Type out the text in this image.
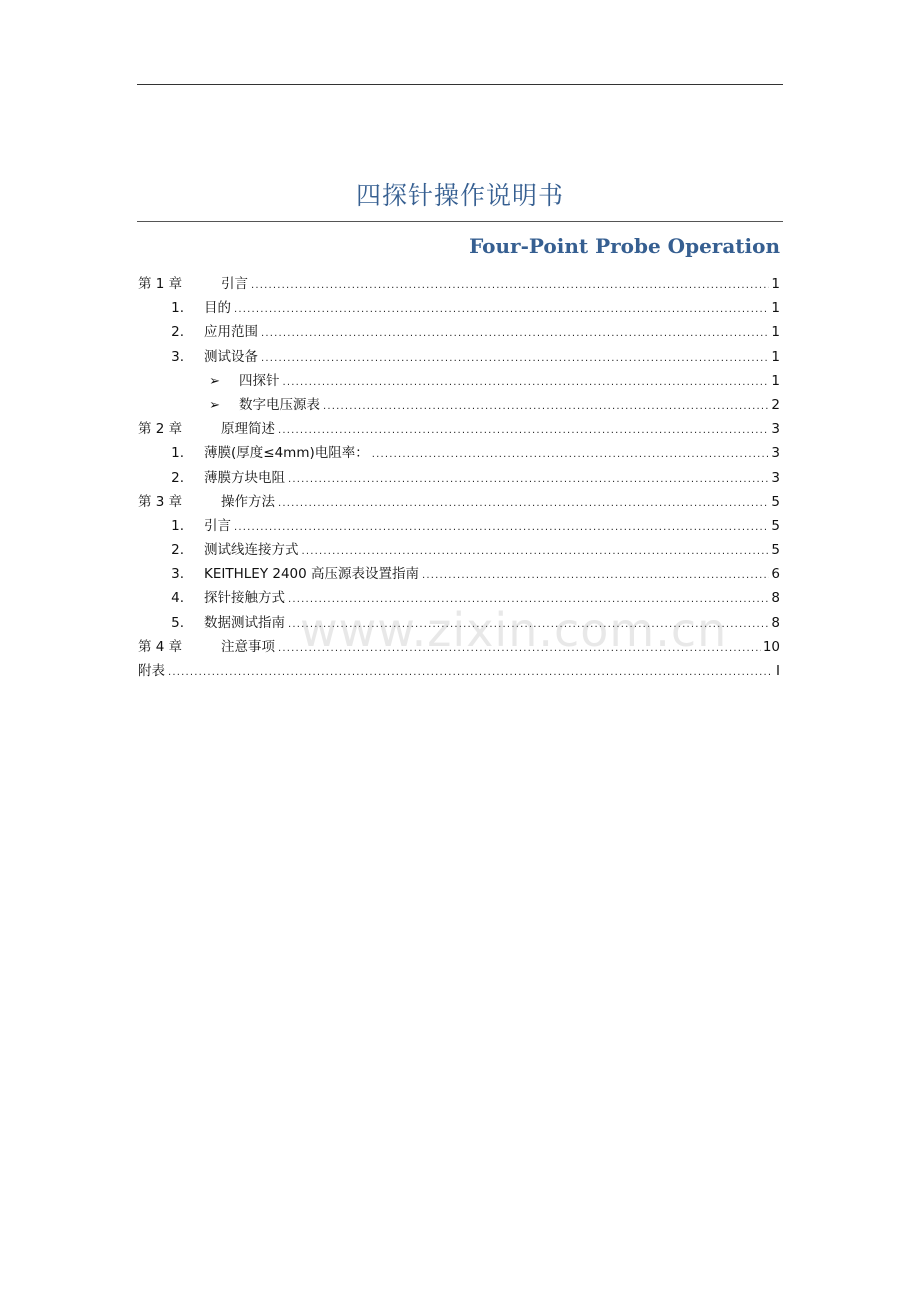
四探针操作说明书
Four-Point Probe Operation
第 1 章	引言 .....	1
1.	目的 .....	1
2.	应用范围 .....	1
3.	测试设备 .....	1
➢	四探针 .....	1
➢	数字电压源表 .....	2
第 2 章	原理简述 .....	3
1.	薄膜(厚度≤4mm)电阻率： .....	3
2.	薄膜方块电阻 .....	3
第 3 章	操作方法 .....	5
1.	引言 .....	5
2.	测试线连接方式 .....	5
3.	KEITHLEY 2400 高压源表设置指南 .....	6
4.	探针接触方式 .....	8
5.	数据测试指南 .....	8
第 4 章	注意事项 .....	10
附表 .....	I
www.zixin.com.cn
